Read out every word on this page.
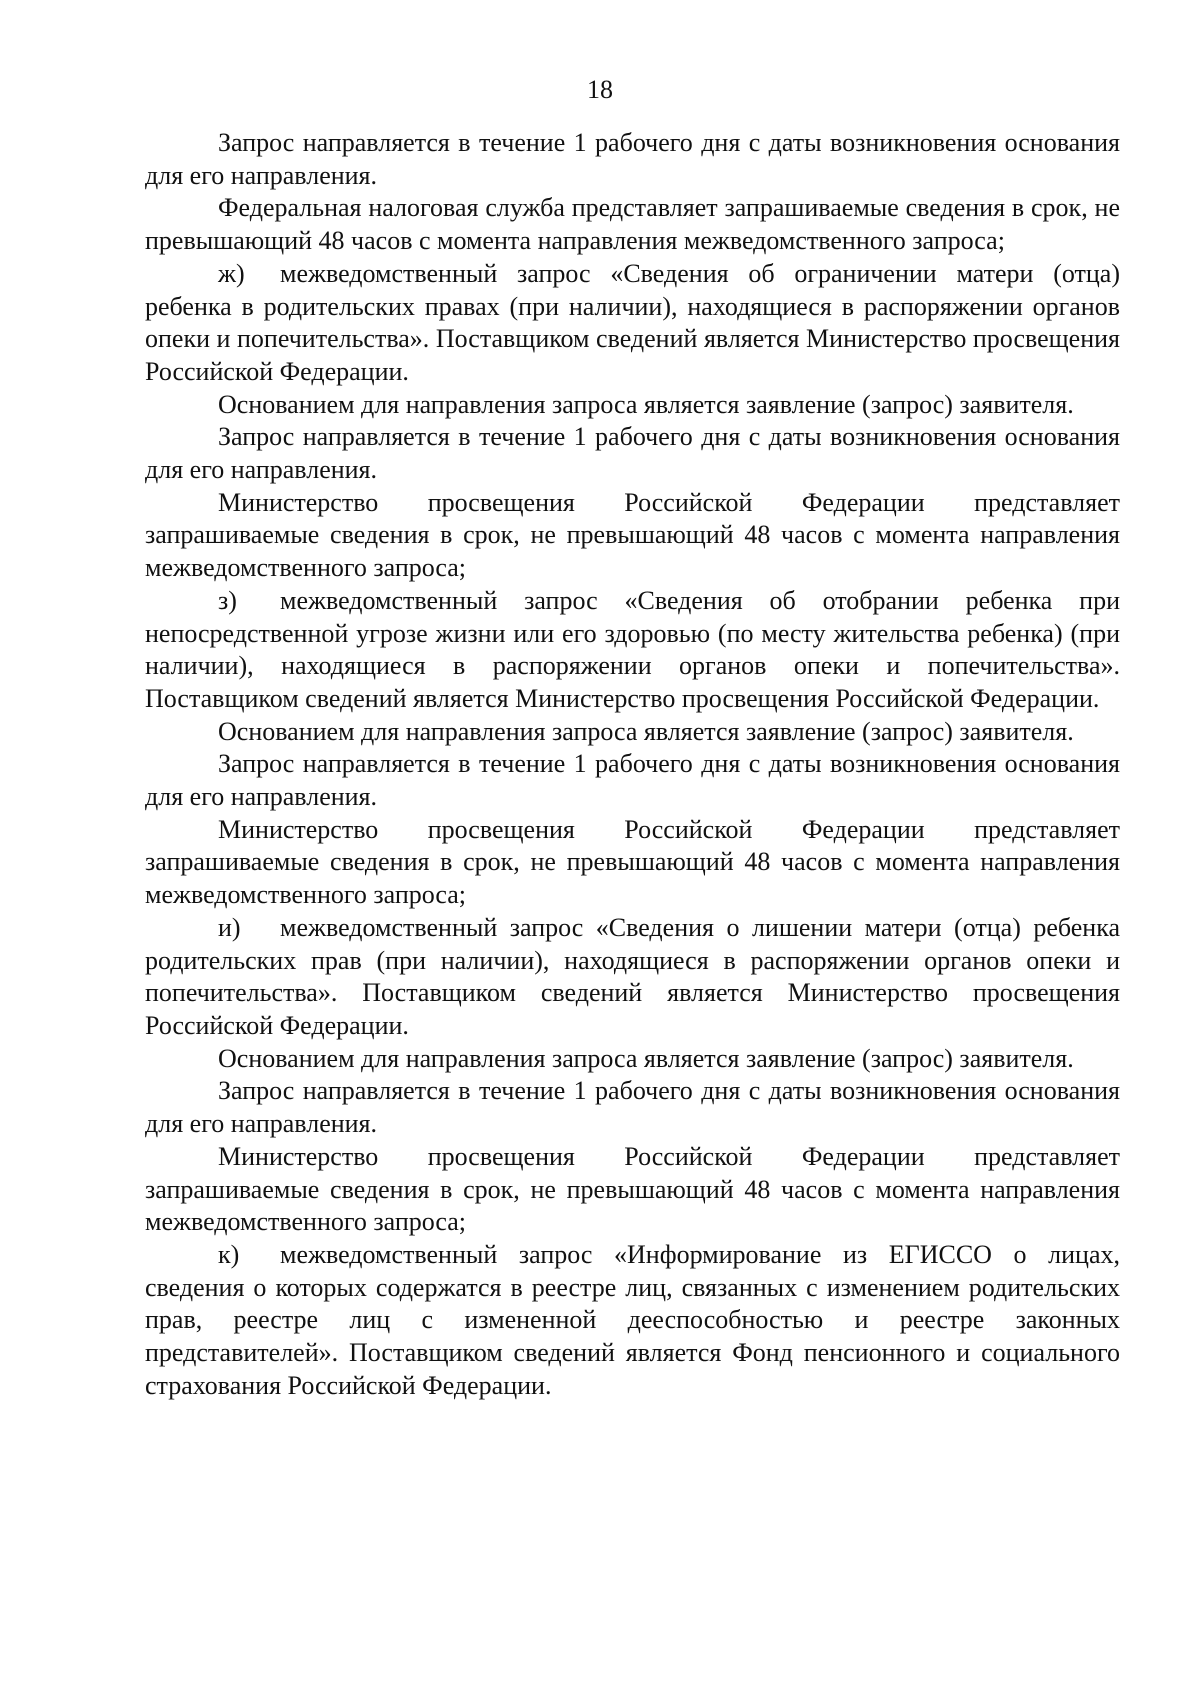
18

Запрос направляется в течение 1 рабочего дня с даты возникновения основания для его направления.

Федеральная налоговая служба представляет запрашиваемые сведения в срок, не превышающий 48 часов с момента направления межведомственного запроса;

ж) межведомственный запрос «Сведения об ограничении матери (отца) ребенка в родительских правах (при наличии), находящиеся в распоряжении органов опеки и попечительства». Поставщиком сведений является Министерство просвещения Российской Федерации.

Основанием для направления запроса является заявление (запрос) заявителя.

Запрос направляется в течение 1 рабочего дня с даты возникновения основания для его направления.

Министерство просвещения Российской Федерации представляет запрашиваемые сведения в срок, не превышающий 48 часов с момента направления межведомственного запроса;

з) межведомственный запрос «Сведения об отобрании ребенка при непосредственной угрозе жизни или его здоровью (по месту жительства ребенка) (при наличии), находящиеся в распоряжении органов опеки и попечительства». Поставщиком сведений является Министерство просвещения Российской Федерации.

Основанием для направления запроса является заявление (запрос) заявителя.

Запрос направляется в течение 1 рабочего дня с даты возникновения основания для его направления.

Министерство просвещения Российской Федерации представляет запрашиваемые сведения в срок, не превышающий 48 часов с момента направления межведомственного запроса;

и) межведомственный запрос «Сведения о лишении матери (отца) ребенка родительских прав (при наличии), находящиеся в распоряжении органов опеки и попечительства». Поставщиком сведений является Министерство просвещения Российской Федерации.

Основанием для направления запроса является заявление (запрос) заявителя.

Запрос направляется в течение 1 рабочего дня с даты возникновения основания для его направления.

Министерство просвещения Российской Федерации представляет запрашиваемые сведения в срок, не превышающий 48 часов с момента направления межведомственного запроса;

к) межведомственный запрос «Информирование из ЕГИССО о лицах, сведения о которых содержатся в реестре лиц, связанных с изменением родительских прав, реестре лиц с измененной дееспособностью и реестре законных представителей». Поставщиком сведений является Фонд пенсионного и социального страхования Российской Федерации.
